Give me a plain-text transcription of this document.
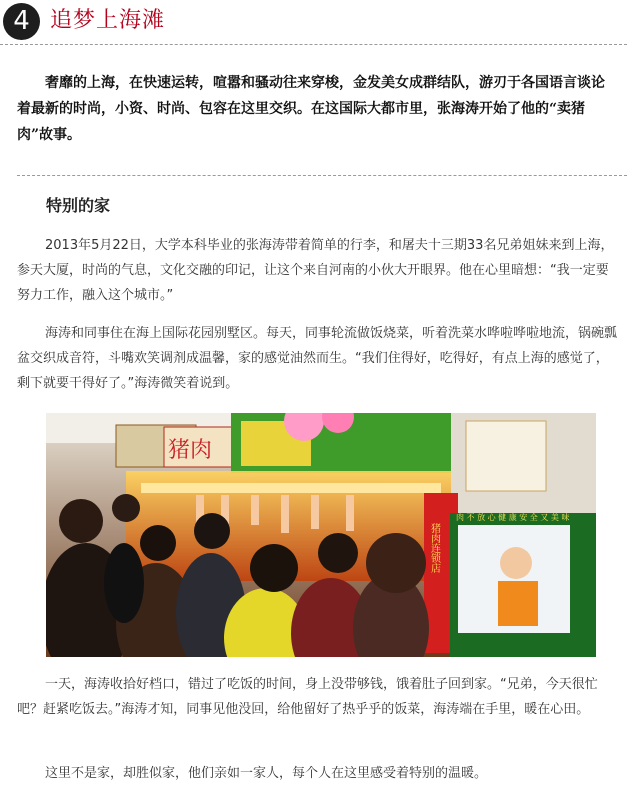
4 追梦上海滩

奢靡的上海，在快速运转，喧嚣和骚动往来穿梭，金发美女成群结队，游刃于各国语言谈论着最新的时尚，小资、时尚、包容在这里交织。在这国际大都市里，张海涛开始了他的“卖猪肉”故事。

特别的家

2013年5月22日，大学本科毕业的张海涛带着简单的行李，和屠夫十三期33名兄弟姐妹来到上海，参天大厦，时尚的气息，文化交融的印记，让这个来自河南的小伙大开眼界。他在心里暗想：“我一定要努力工作，融入这个城市。”

海涛和同事住在海上国际花园别墅区。每天，同事轮流做饭烧菜，听着洗菜水哗啦哗啦地流，锅碗瓢盆交织成音符，斗嘴欢笑调剂成温馨，家的感觉油然而生。“我们住得好，吃得好，有点上海的感觉了，剩下就要干得好了。”海涛微笑着说到。

猪肉
猪肉连锁店
肉 不 放 心 健 康 安 全 又 美 味

一天，海涛收拾好档口，错过了吃饭的时间，身上没带够钱，饿着肚子回到家。“兄弟，今天很忙吧？赶紧吃饭去。”海涛才知，同事见他没回，给他留好了热乎乎的饭菜，海涛端在手里，暖在心田。

这里不是家，却胜似家，他们亲如一家人，每个人在这里感受着特别的温暖。
